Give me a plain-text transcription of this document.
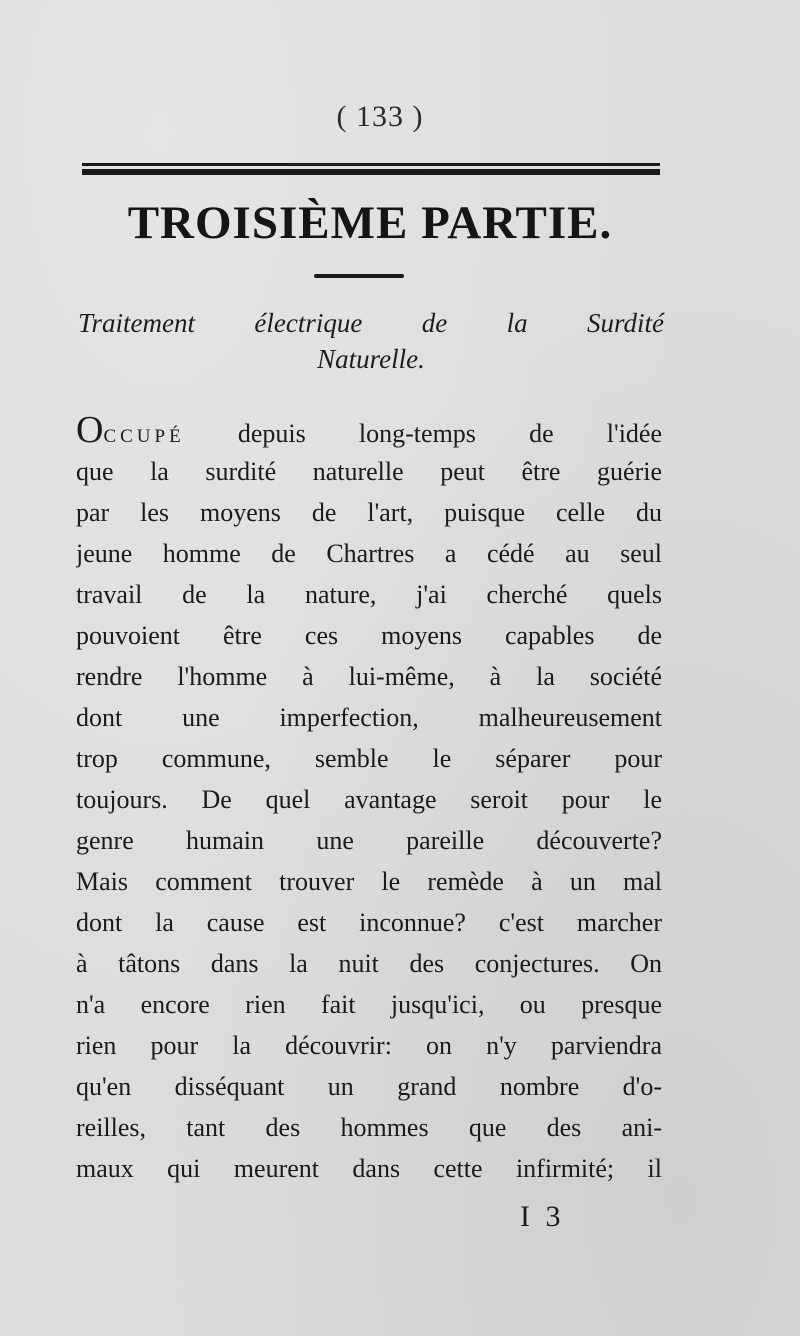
( 133 )
TROISIÈME PARTIE.
Traitement électrique de la Surdité
Naturelle.
OCCUPÉ depuis long-temps de l'idée
que la surdité naturelle peut être guérie
par les moyens de l'art, puisque celle du
jeune homme de Chartres a cédé au seul
travail de la nature, j'ai cherché quels
pouvoient être ces moyens capables de
rendre l'homme à lui-même, à la société
dont une imperfection, malheureusement
trop commune, semble le séparer pour
toujours. De quel avantage seroit pour le
genre humain une pareille découverte?
Mais comment trouver le remède à un mal
dont la cause est inconnue? c'est marcher
à tâtons dans la nuit des conjectures. On
n'a encore rien fait jusqu'ici, ou presque
rien pour la découvrir: on n'y parviendra
qu'en disséquant un grand nombre d'o-
reilles, tant des hommes que des ani-
maux qui meurent dans cette infirmité; il
I 3
